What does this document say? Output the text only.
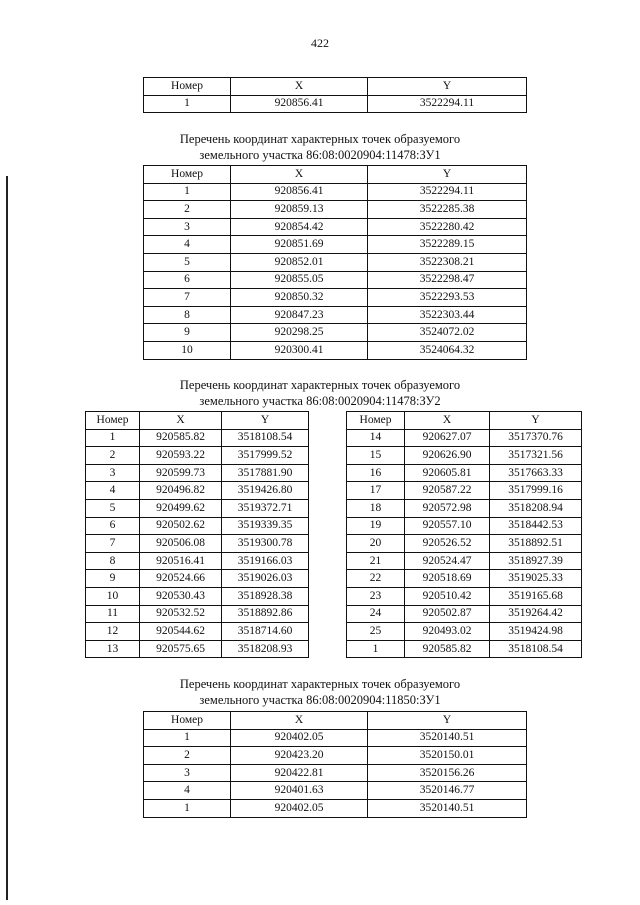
422
Номер	X	Y
1	920856.41	3522294.11
Перечень координат характерных точек образуемого
земельного участка 86:08:0020904:11478:ЗУ1
Номер	X	Y
1	920856.41	3522294.11
2	920859.13	3522285.38
3	920854.42	3522280.42
4	920851.69	3522289.15
5	920852.01	3522308.21
6	920855.05	3522298.47
7	920850.32	3522293.53
8	920847.23	3522303.44
9	920298.25	3524072.02
10	920300.41	3524064.32
Перечень координат характерных точек образуемого
земельного участка 86:08:0020904:11478:ЗУ2
Номер	X	Y
1	920585.82	3518108.54
2	920593.22	3517999.52
3	920599.73	3517881.90
4	920496.82	3519426.80
5	920499.62	3519372.71
6	920502.62	3519339.35
7	920506.08	3519300.78
8	920516.41	3519166.03
9	920524.66	3519026.03
10	920530.43	3518928.38
11	920532.52	3518892.86
12	920544.62	3518714.60
13	920575.65	3518208.93
Номер	X	Y
14	920627.07	3517370.76
15	920626.90	3517321.56
16	920605.81	3517663.33
17	920587.22	3517999.16
18	920572.98	3518208.94
19	920557.10	3518442.53
20	920526.52	3518892.51
21	920524.47	3518927.39
22	920518.69	3519025.33
23	920510.42	3519165.68
24	920502.87	3519264.42
25	920493.02	3519424.98
1	920585.82	3518108.54
Перечень координат характерных точек образуемого
земельного участка 86:08:0020904:11850:ЗУ1
Номер	X	Y
1	920402.05	3520140.51
2	920423.20	3520150.01
3	920422.81	3520156.26
4	920401.63	3520146.77
1	920402.05	3520140.51
